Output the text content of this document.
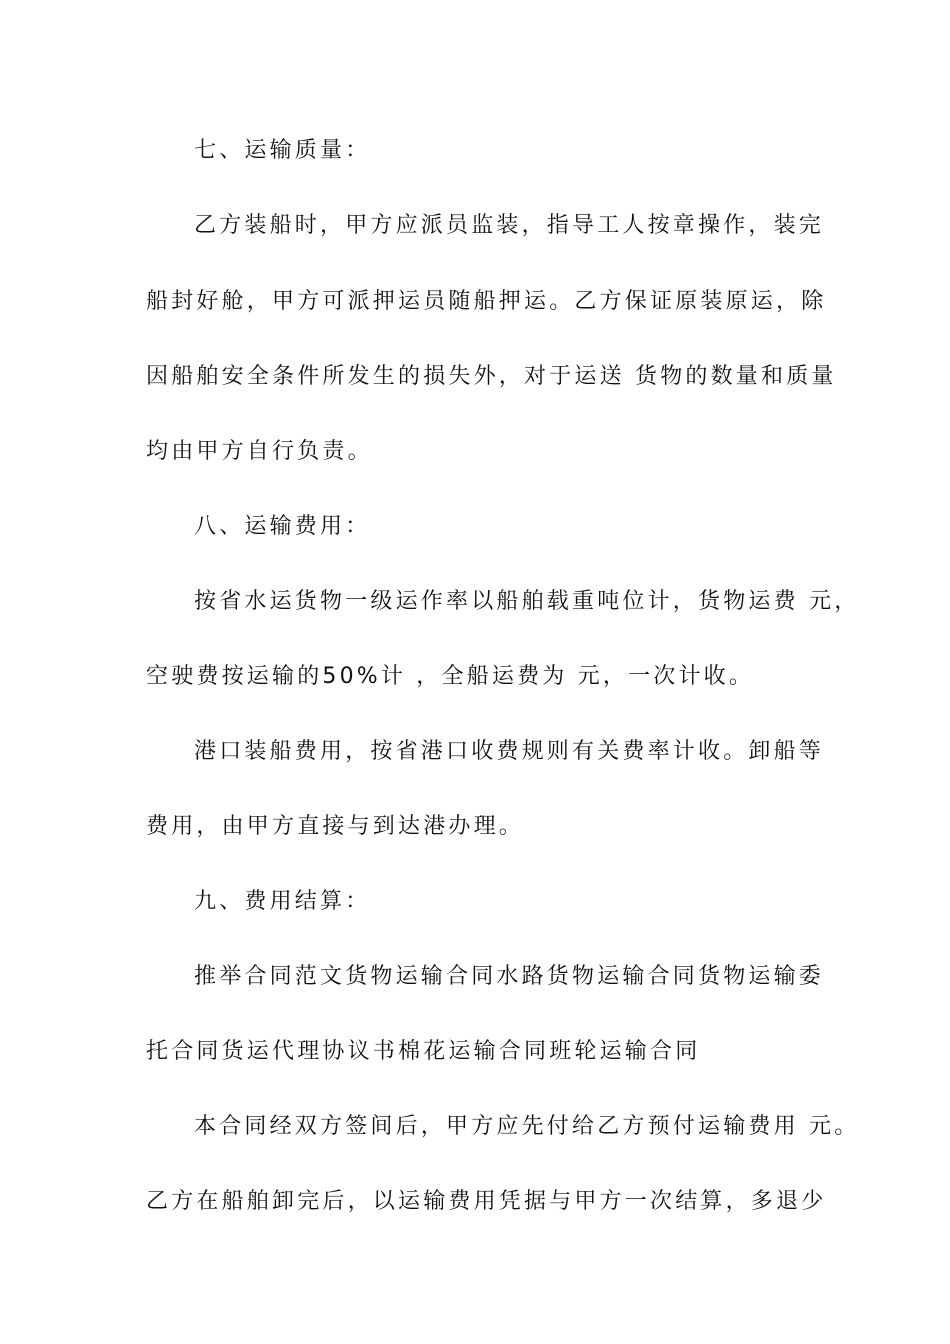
七、运输质量：
乙方装船时，甲方应派员监装，指导工人按章操作，装完
船封好舱，甲方可派押运员随船押运。乙方保证原装原运，除
因船舶安全条件所发生的损失外，对于运送 货物的数量和质量
均由甲方自行负责。
八、运输费用：
按省水运货物一级运作率以船舶载重吨位计，货物运费 元，
空驶费按运输的50%计 ，全船运费为 元，一次计收。
港口装船费用，按省港口收费规则有关费率计收。卸船等
费用，由甲方直接与到达港办理。
九、费用结算：
推举合同范文货物运输合同水路货物运输合同货物运输委
托合同货运代理协议书棉花运输合同班轮运输合同
本合同经双方签间后，甲方应先付给乙方预付运输费用 元。
乙方在船舶卸完后，以运输费用凭据与甲方一次结算，多退少
